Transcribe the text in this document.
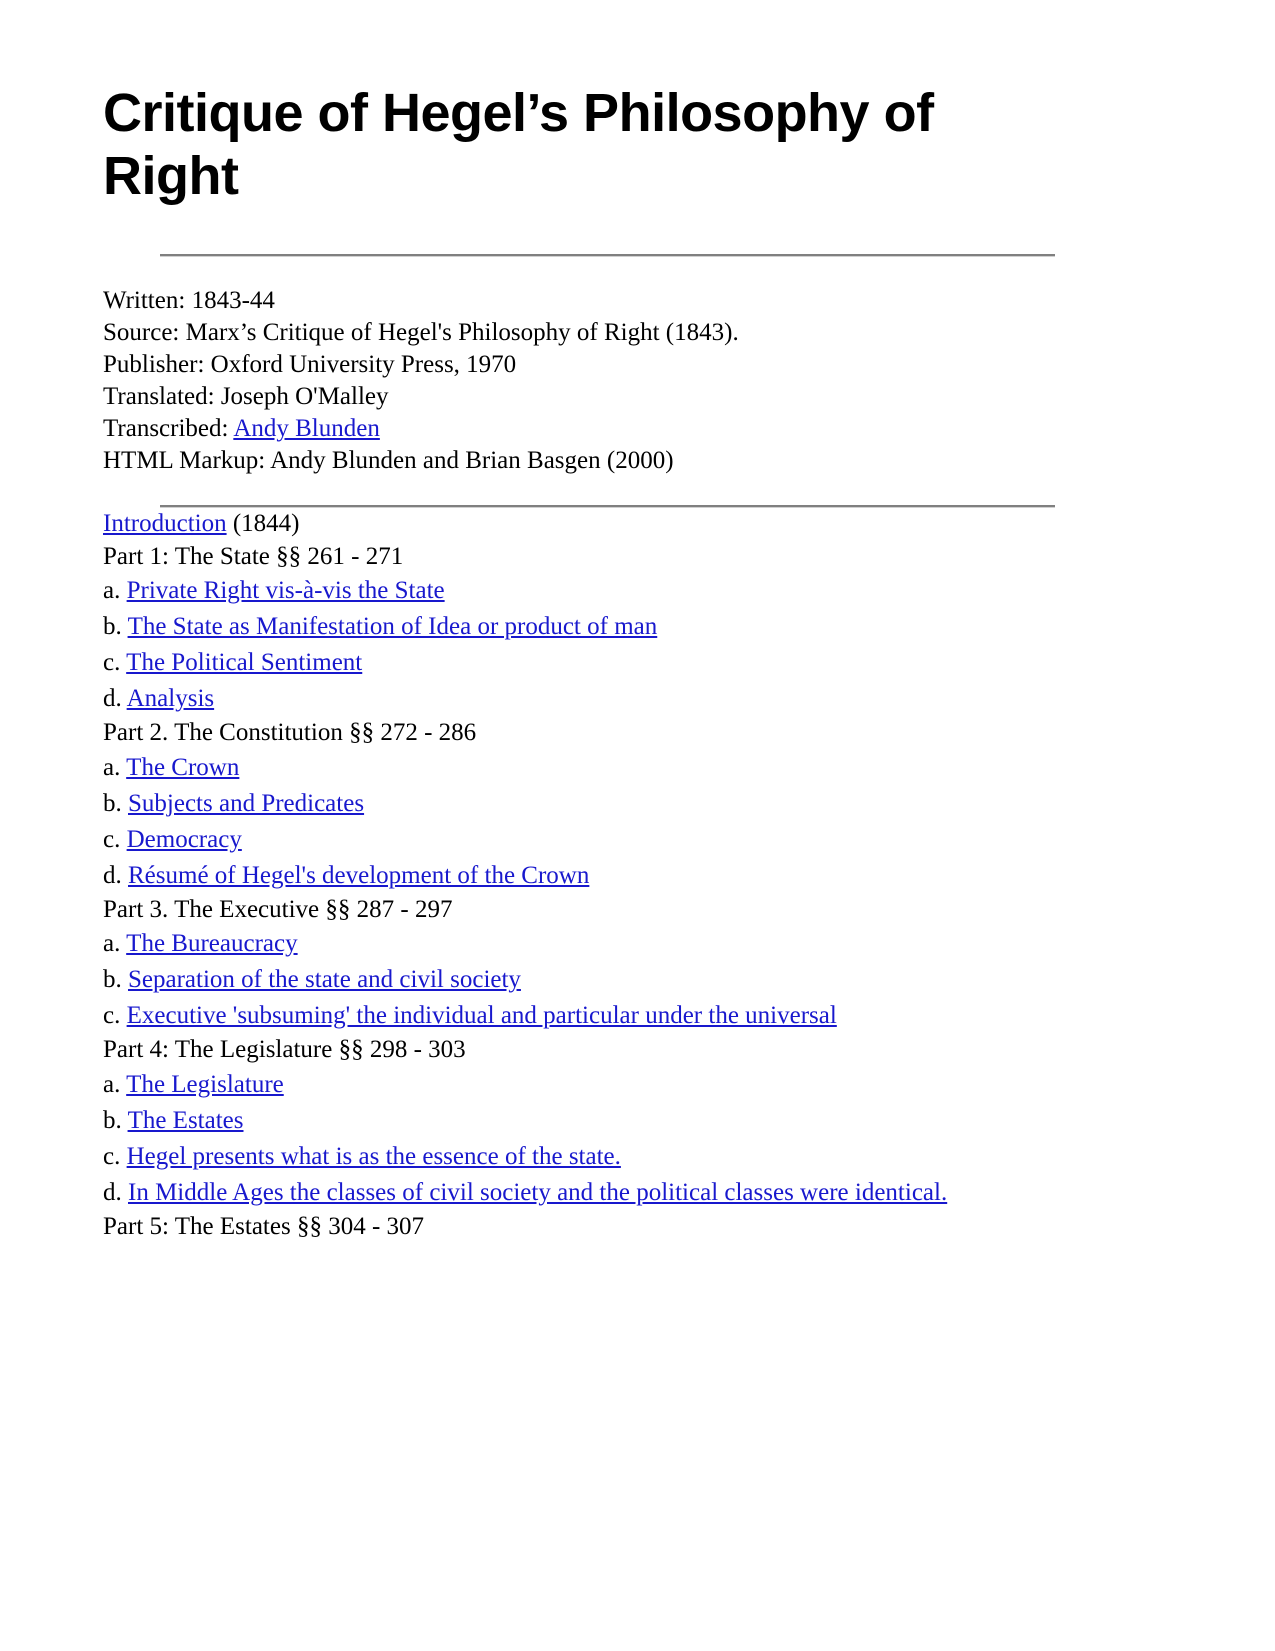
Critique of Hegel’s Philosophy of Right
Written: 1843-44
Source: Marx’s Critique of Hegel's Philosophy of Right (1843).
Publisher: Oxford University Press, 1970
Translated: Joseph O'Malley
Transcribed: Andy Blunden
HTML Markup: Andy Blunden and Brian Basgen (2000)

Introduction (1844)

Part 1: The State §§ 261 - 271

a. Private Right vis-à-vis the State
b. The State as Manifestation of Idea or product of man
c. The Political Sentiment
d. Analysis

Part 2. The Constitution §§ 272 - 286

a. The Crown
b. Subjects and Predicates
c. Democracy
d. Résumé of Hegel's development of the Crown

Part 3. The Executive §§ 287 - 297

a. The Bureaucracy
b. Separation of the state and civil society
c. Executive 'subsuming' the individual and particular under the universal

Part 4: The Legislature §§ 298 - 303

a. The Legislature
b. The Estates
c. Hegel presents what is as the essence of the state.
d. In Middle Ages the classes of civil society and the political classes were identical.

Part 5: The Estates §§ 304 - 307
